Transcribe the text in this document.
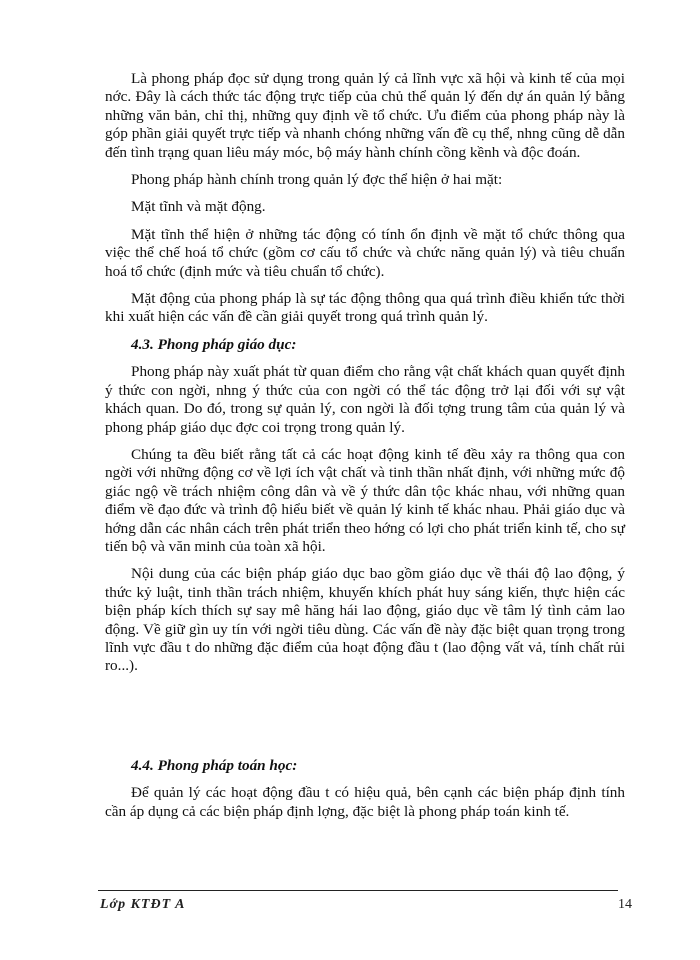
Là phong pháp đọc sử dụng trong quản lý cả lĩnh vực xã hội và kinh tế của mọi nớc. Đây là cách thức tác động trực tiếp của chủ thể quản lý đến dự án quản lý bằng những văn bản, chỉ thị, những quy định về tổ chức. Ưu điểm của phong pháp này là góp phần giải quyết trực tiếp và nhanh chóng những vấn đề cụ thể, nhng cũng dễ dẫn đến tình trạng quan liêu máy móc, bộ máy hành chính cồng kềnh và độc đoán.

Phong pháp hành chính trong quản lý đợc thể hiện ở hai mặt:

Mặt tĩnh và mặt động.

Mặt tĩnh thể hiện ở những tác động có tính ổn định về mặt tổ chức thông qua việc thể chế hoá tổ chức (gồm cơ cấu tổ chức và chức năng quản lý) và tiêu chuẩn hoá tổ chức (định mức và tiêu chuẩn tổ chức).

Mặt động của phong pháp là sự tác động thông qua quá trình điều khiển tức thời khi xuất hiện các vấn đề cần giải quyết trong quá trình quản lý.

4.3. Phong pháp giáo dục:

Phong pháp này xuất phát từ quan điểm cho rằng vật chất khách quan quyết định ý thức con ngời, nhng ý thức của con ngời có thể tác động trở lại đối với sự vật khách quan. Do đó, trong sự quản lý, con ngời là đối tợng trung tâm của quản lý và phong pháp giáo dục đợc coi trọng trong quản lý.

Chúng ta đều biết rằng tất cả các hoạt động kinh tế đều xảy ra thông qua con ngời với những động cơ về lợi ích vật chất và tinh thần nhất định, với những mức độ giác ngộ về trách nhiệm công dân và về ý thức dân tộc khác nhau, với những quan điểm về đạo đức và trình độ hiểu biết về quản lý kinh tế khác nhau. Phải giáo dục và hớng dẫn các nhân cách trên phát triển theo hớng có lợi cho phát triển kinh tế, cho sự tiến bộ và văn minh của toàn xã hội.

Nội dung của các biện pháp giáo dục bao gồm giáo dục về thái độ lao động, ý thức kỷ luật, tinh thần trách nhiệm, khuyến khích phát huy sáng kiến, thực hiện các biện pháp kích thích sự say mê hăng hái lao động, giáo dục về tâm lý tình cảm lao động. Về giữ gìn uy tín với ngời tiêu dùng. Các vấn đề này đặc biệt quan trọng trong lĩnh vực đầu t do những đặc điểm của hoạt động đầu t (lao động vất vả, tính chất rủi ro...).

4.4. Phong pháp toán học:

Để quản lý các hoạt động đầu t có hiệu quả, bên cạnh các biện pháp định tính cần áp dụng cả các biện pháp định lợng, đặc biệt là phong pháp toán kinh tế.

Lớp KTĐT A	14
